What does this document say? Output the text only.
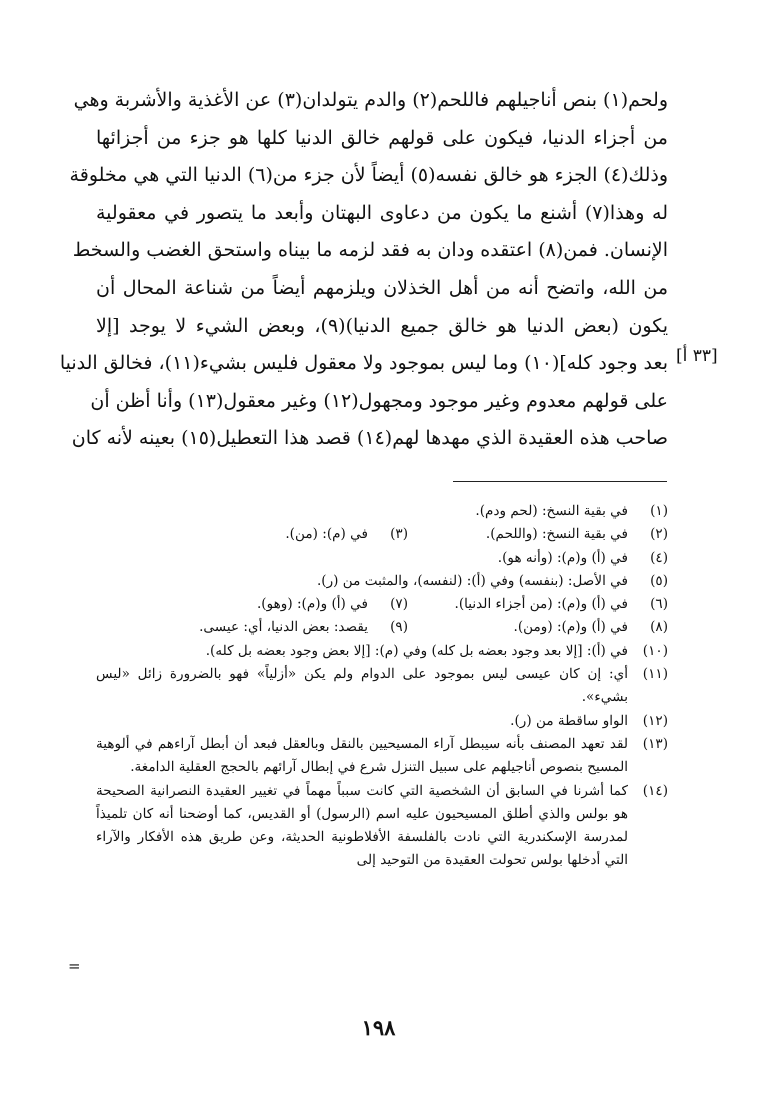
ولحم(١) بنص أناجيلهم فاللحم(٢) والدم يتولدان(٣) عن الأغذية والأشربة وهي
من أجزاء الدنيا، فيكون على قولهم خالق الدنيا كلها هو جزء من أجزائها
وذلك(٤) الجزء هو خالق نفسه(٥) أيضاً لأن جزء من(٦) الدنيا التي هي مخلوقة
له وهذا(٧) أشنع ما يكون من دعاوى البهتان وأبعد ما يتصور في معقولية
الإنسان. فمن(٨) اعتقده ودان به فقد لزمه ما بيناه واستحق الغضب والسخط
من الله، واتضح أنه من أهل الخذلان ويلزمهم أيضاً من شناعة المحال أن
يكون (بعض الدنيا هو خالق جميع الدنيا)(٩)، وبعض الشيء لا يوجد [إلا
بعد وجود كله](١٠) وما ليس بموجود ولا معقول فليس بشيء(١١)، فخالق الدنيا
على قولهم معدوم وغير موجود ومجهول(١٢) وغير معقول(١٣) وأنا أظن أن
صاحب هذه العقيدة الذي مهدها لهم(١٤) قصد هذا التعطيل(١٥) بعينه لأنه كان
[٣٣ أ]
(١)
في بقية النسخ: (لحم ودم).
(٢)
في بقية النسخ: (واللحم).
(٣)
في (م): (من).
(٤)
في (أ) و(م): (وأنه هو).
(٥)
في الأصل: (بنفسه) وفي (أ): (لنفسه)، والمثبت من (ر).
(٦)
في (أ) و(م): (من أجزاء الدنيا).
(٧)
في (أ) و(م): (وهو).
(٨)
في (أ) و(م): (ومن).
(٩)
يقصد: بعض الدنيا، أي: عيسى.
(١٠)
في (أ): [إلا بعد وجود بعضه بل كله) وفي (م): [إلا بعض وجود بعضه بل كله).
(١١)
أي: إن كان عيسى ليس بموجود على الدوام ولم يكن «أزلياً» فهو بالضرورة زائل «ليس بشيء».
(١٢)
الواو ساقطة من (ر).
(١٣)
لقد تعهد المصنف بأنه سيبطل آراء المسيحيين بالنقل وبالعقل فبعد أن أبطل آراءهم في ألوهية المسيح بنصوص أناجيلهم على سبيل التنزل شرع في إبطال آرائهم بالحجج العقلية الدامغة.
(١٤)
كما أشرنا في السابق أن الشخصية التي كانت سبباً مهماً في تغيير العقيدة النصرانية الصحيحة هو بولس والذي أطلق المسيحيون عليه اسم (الرسول) أو القديس، كما أوضحنا أنه كان تلميذاً لمدرسة الإسكندرية التي نادت بالفلسفة الأفلاطونية الحديثة، وعن طريق هذه الأفكار والآراء التي أدخلها بولس تحولت العقيدة من التوحيد إلى
=
١٩٨
